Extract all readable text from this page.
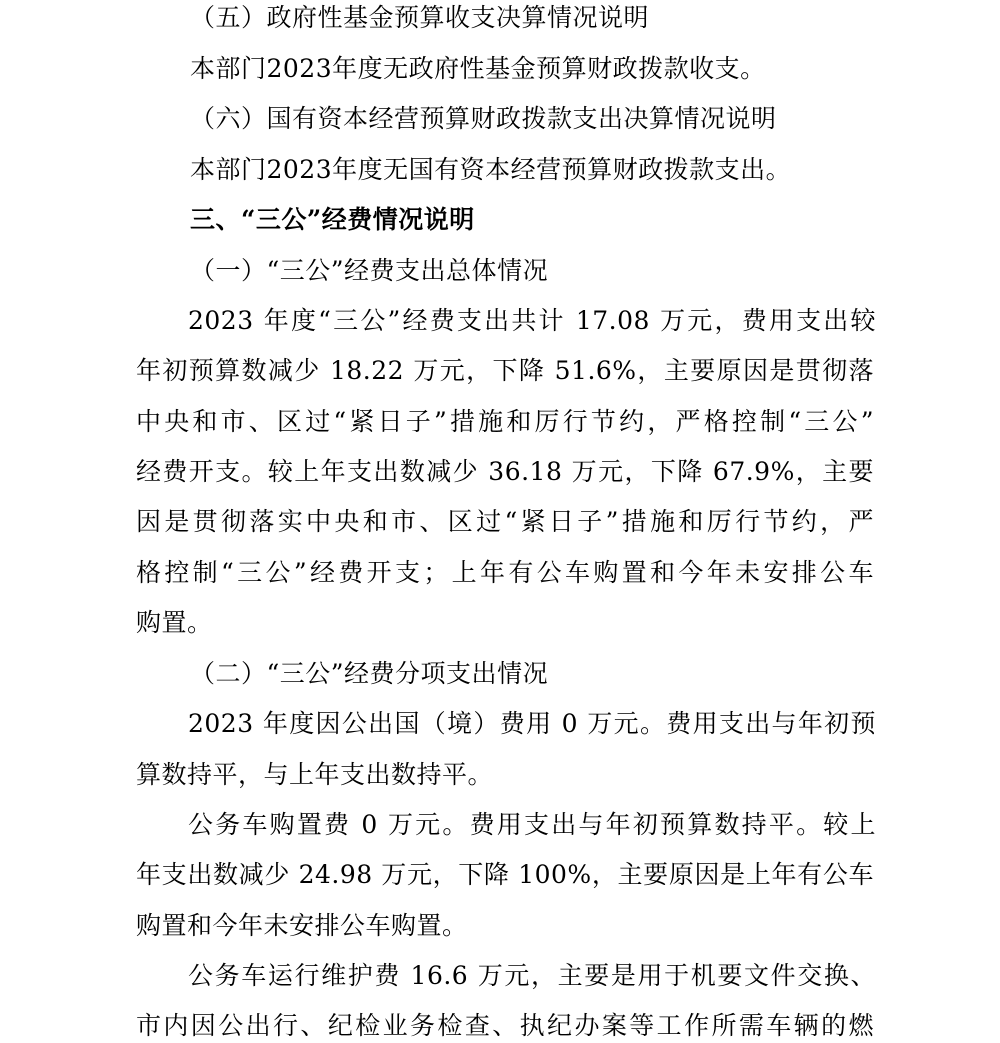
（五）政府性基金预算收支决算情况说明
本部门2023年度无政府性基金预算财政拨款收支。
（六）国有资本经营预算财政拨款支出决算情况说明
本部门2023年度无国有资本经营预算财政拨款支出。
三、“三公”经费情况说明
（一）“三公”经费支出总体情况
2023 年度“三公”经费支出共计 17.08 万元，费用支出较
年初预算数减少 18.22 万元，下降 51.6%，主要原因是贯彻落
中央和市、区过“紧日子”措施和厉行节约，严格控制“三公”
经费开支。较上年支出数减少 36.18 万元，下降 67.9%，主要
因是贯彻落实中央和市、区过“紧日子”措施和厉行节约，严
格控制“三公”经费开支；上年有公车购置和今年未安排公车
购置。
（二）“三公”经费分项支出情况
2023 年度因公出国（境）费用 0 万元。费用支出与年初预
算数持平，与上年支出数持平。
公务车购置费 0 万元。费用支出与年初预算数持平。较上
年支出数减少 24.98 万元，下降 100%，主要原因是上年有公车
购置和今年未安排公车购置。
公务车运行维护费 16.6 万元，主要是用于机要文件交换、
市内因公出行、纪检业务检查、执纪办案等工作所需车辆的燃
